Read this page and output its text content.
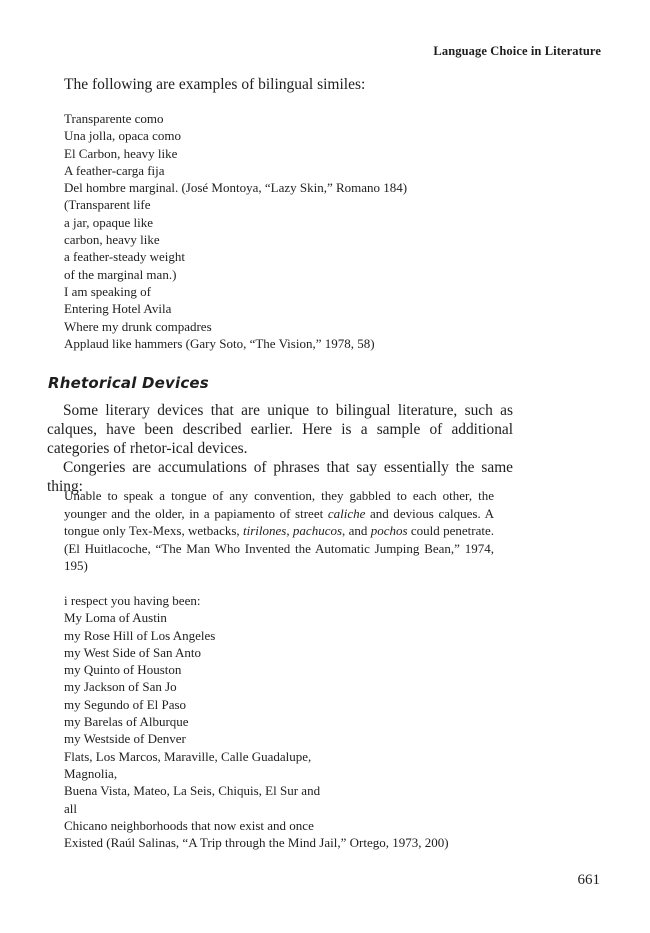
Language Choice in Literature
The following are examples of bilingual similes:
Transparente como
Una jolla, opaca como
El Carbon, heavy like
A feather-carga fija
Del hombre marginal. (José Montoya, “Lazy Skin,” Romano 184)
(Transparent life
a jar, opaque like
carbon, heavy like
a feather-steady weight
of the marginal man.)
I am speaking of
Entering Hotel Avila
Where my drunk compadres
Applaud like hammers (Gary Soto, “The Vision,” 1978, 58)
Rhetorical Devices
Some literary devices that are unique to bilingual literature, such as calques, have been described earlier. Here is a sample of additional categories of rhetor-ical devices.
Congeries are accumulations of phrases that say essentially the same thing:
Unable to speak a tongue of any convention, they gabbled to each other, the younger and the older, in a papiamento of street caliche and devious calques. A tongue only Tex-Mexs, wetbacks, tirilones, pachucos, and pochos could penetrate. (El Huitlacoche, “The Man Who Invented the Automatic Jumping Bean,” 1974, 195)
i respect you having been:
My Loma of Austin
my Rose Hill of Los Angeles
my West Side of San Anto
my Quinto of Houston
my Jackson of San Jo
my Segundo of El Paso
my Barelas of Alburque
my Westside of Denver
Flats, Los Marcos, Maraville, Calle Guadalupe,
Magnolia,
Buena Vista, Mateo, La Seis, Chiquis, El Sur and
all
Chicano neighborhoods that now exist and once
Existed (Raúl Salinas, “A Trip through the Mind Jail,” Ortego, 1973, 200)
661
